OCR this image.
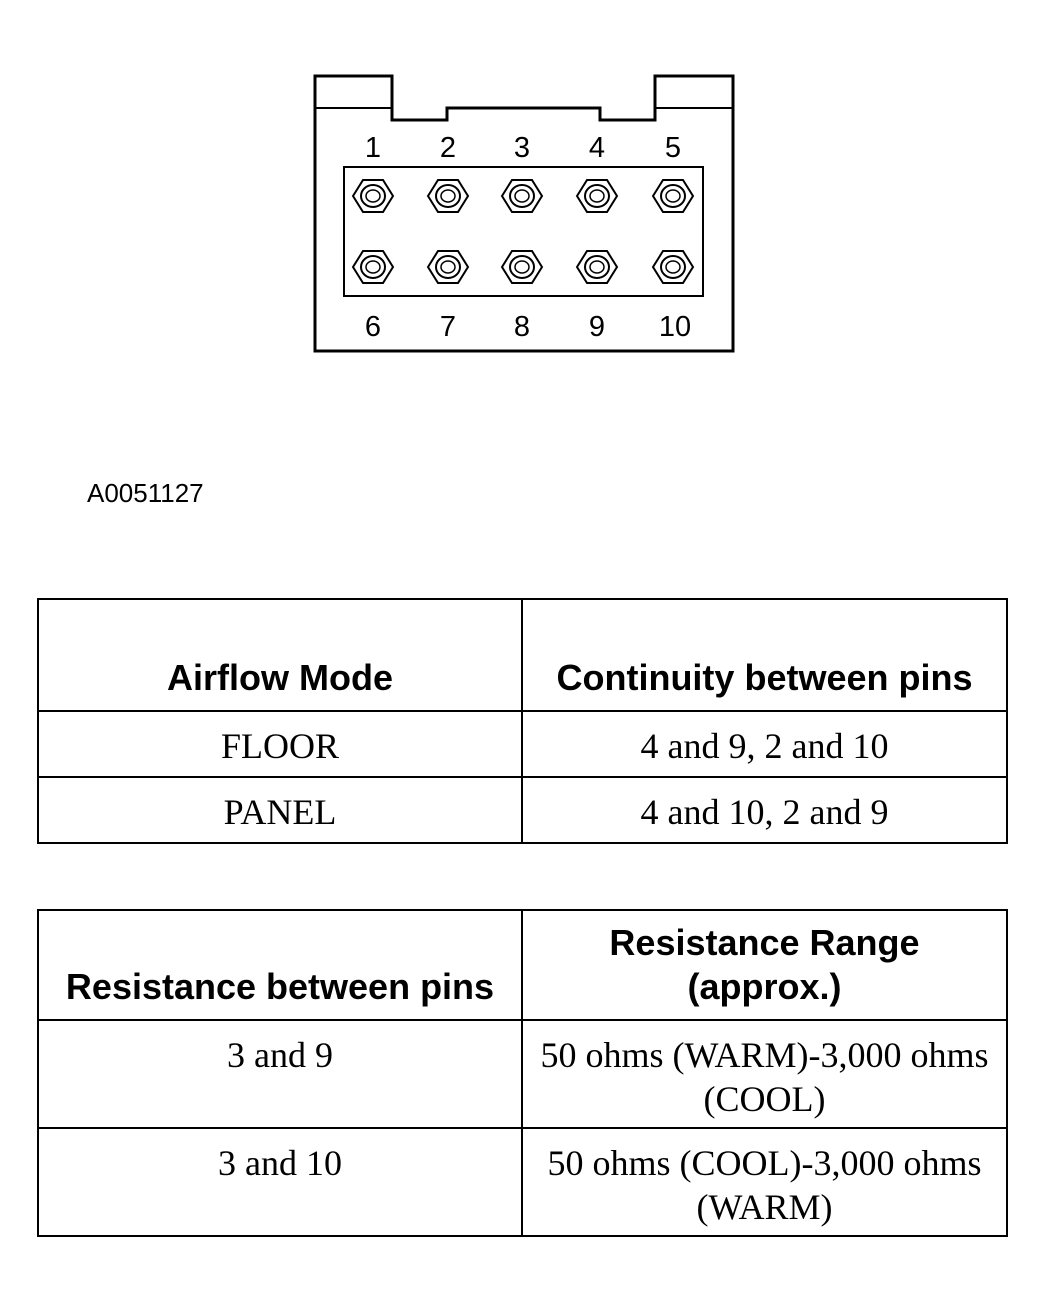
1 2 3 4 5
6 7 8 9 10
A0051127
Airflow Mode	Continuity between pins
FLOOR	4 and 9, 2 and 10
PANEL	4 and 10, 2 and 9
Resistance between pins	Resistance Range (approx.)
3 and 9	50 ohms (WARM)-3,000 ohms (COOL)
3 and 10	50 ohms (COOL)-3,000 ohms (WARM)
